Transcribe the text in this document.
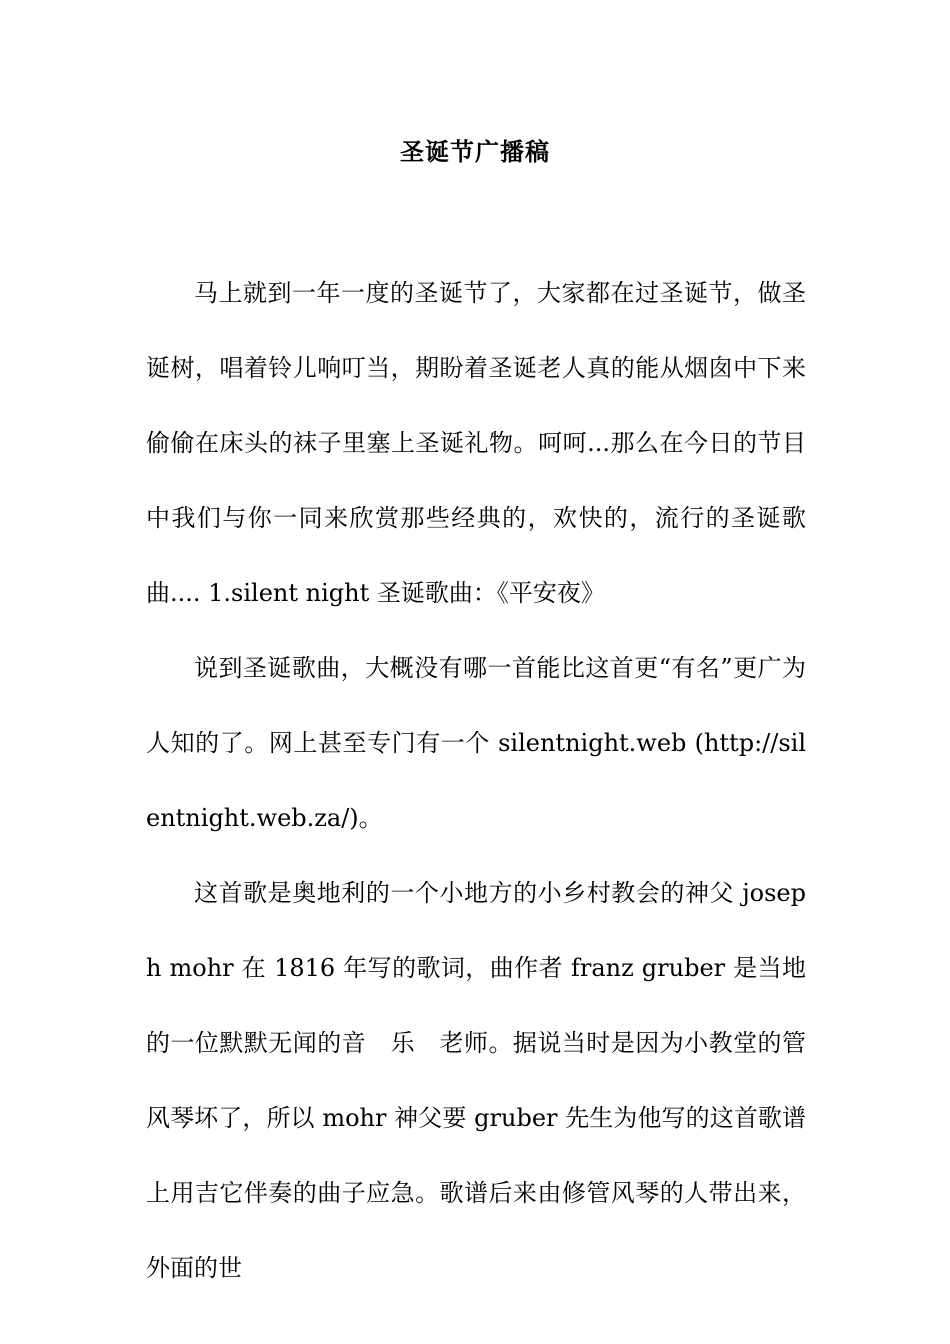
圣诞节广播稿

马上就到一年一度的圣诞节了，大家都在过圣诞节，做圣诞树，唱着铃儿响叮当，期盼着圣诞老人真的能从烟囱中下来偷偷在床头的袜子里塞上圣诞礼物。呵呵...那么在今日的节目中我们与你一同来欣赏那些经典的，欢快的，流行的圣诞歌曲.... 1.silent night 圣诞歌曲：《平安夜》

说到圣诞歌曲，大概没有哪一首能比这首更“有名”更广为人知的了。网上甚至专门有一个 silentnight.web (http://silentnight.web.za/)。

这首歌是奥地利的一个小地方的小乡村教会的神父 joseph mohr 在 1816 年写的歌词，曲作者 franz gruber 是当地的一位默默无闻的音　乐　老师。据说当时是因为小教堂的管风琴坏了，所以 mohr 神父要 gruber 先生为他写的这首歌谱上用吉它伴奏的曲子应急。歌谱后来由修管风琴的人带出来，外面的世
